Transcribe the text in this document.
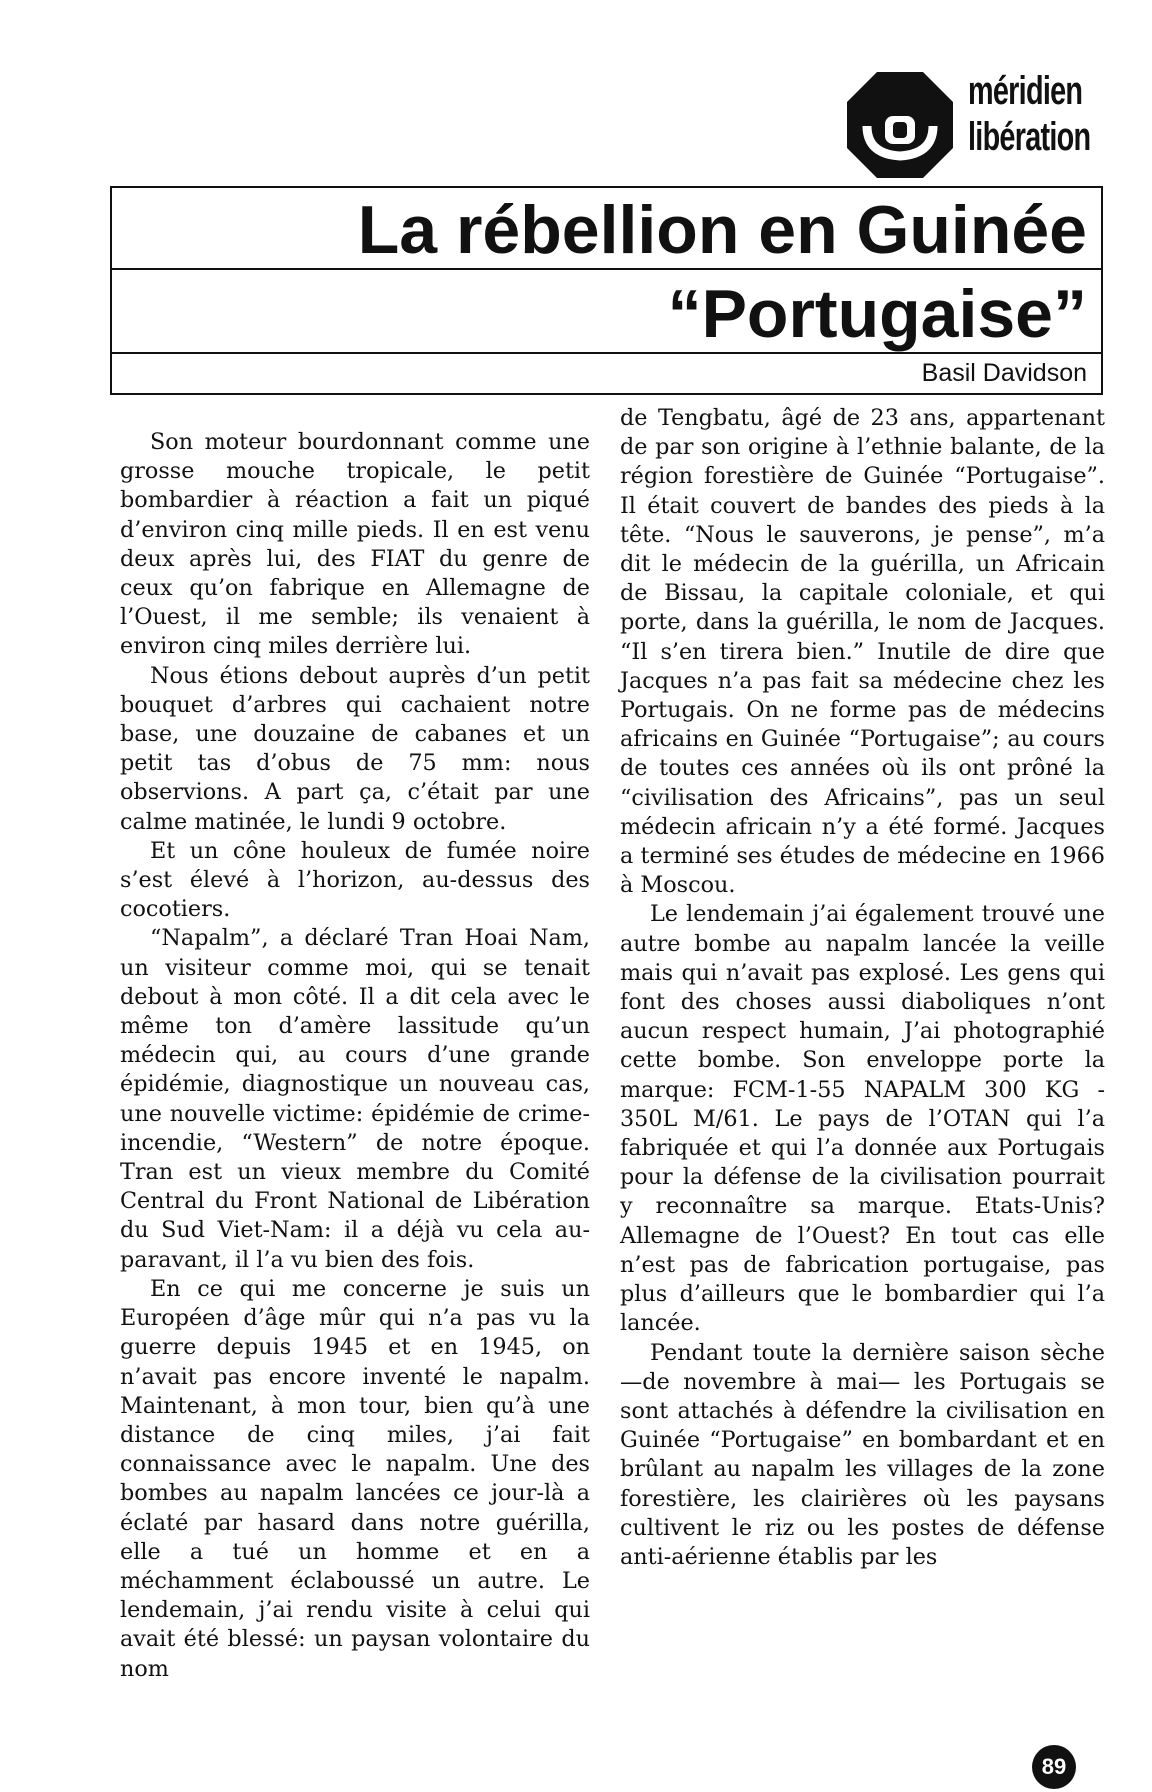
méridien
libération
La rébellion en Guinée
“Portugaise”
Basil Davidson

Son moteur bourdonnant comme une grosse mouche tropicale, le petit bombardier à réaction a fait un piqué d’environ cinq mille pieds. Il en est venu deux après lui, des FIAT du genre de ceux qu’on fabrique en Allemagne de l’Ouest, il me semble; ils venaient à environ cinq miles derrière lui.

Nous étions debout auprès d’un petit bouquet d’arbres qui cachaient notre base, une douzaine de cabanes et un petit tas d’obus de 75 mm: nous observions. A part ça, c’était par une calme matinée, le lundi 9 octobre.

Et un cône houleux de fumée noire s’est élevé à l’horizon, au-dessus des cocotiers.

“Napalm”, a déclaré Tran Hoai Nam, un visiteur comme moi, qui se tenait debout à mon côté. Il a dit cela avec le même ton d’amère lassitude qu’un médecin qui, au cours d’une grande épidémie, diagnostique un nouveau cas, une nouvelle victime: épidémie de crime-incendie, “Western” de notre époque. Tran est un vieux membre du Comité Central du Front National de Libération du Sud Viet-Nam: il a déjà vu cela auparavant, il l’a vu bien des fois.

En ce qui me concerne je suis un Européen d’âge mûr qui n’a pas vu la guerre depuis 1945 et en 1945, on n’avait pas encore inventé le napalm. Maintenant, à mon tour, bien qu’à une distance de cinq miles, j’ai fait connaissance avec le napalm. Une des bombes au napalm lancées ce jour-là a éclaté par hasard dans notre guérilla, elle a tué un homme et en a méchamment éclaboussé un autre. Le lendemain, j’ai rendu visite à celui qui avait été blessé: un paysan volontaire du nom

de Tengbatu, âgé de 23 ans, appartenant de par son origine à l’ethnie balante, de la région forestière de Guinée “Portugaise”. Il était couvert de bandes des pieds à la tête. “Nous le sauverons, je pense”, m’a dit le médecin de la guérilla, un Africain de Bissau, la capitale coloniale, et qui porte, dans la guérilla, le nom de Jacques. “Il s’en tirera bien.” Inutile de dire que Jacques n’a pas fait sa médecine chez les Portugais. On ne forme pas de médecins africains en Guinée “Portugaise”; au cours de toutes ces années où ils ont prôné la “civilisation des Africains”, pas un seul médecin africain n’y a été formé. Jacques a terminé ses études de médecine en 1966 à Moscou.

Le lendemain j’ai également trouvé une autre bombe au napalm lancée la veille mais qui n’avait pas explosé. Les gens qui font des choses aussi diaboliques n’ont aucun respect humain, J’ai photographié cette bombe. Son enveloppe porte la marque: FCM-1-55 NAPALM 300 KG - 350L M/61. Le pays de l’OTAN qui l’a fabriquée et qui l’a donnée aux Portugais pour la défense de la civilisation pourrait y reconnaître sa marque. Etats-Unis? Allemagne de l’Ouest? En tout cas elle n’est pas de fabrication portugaise, pas plus d’ailleurs que le bombardier qui l’a lancée.

Pendant toute la dernière saison sèche —de novembre à mai— les Portugais se sont attachés à défendre la civilisation en Guinée “Portugaise” en bombardant et en brûlant au napalm les villages de la zone forestière, les clairières où les paysans cultivent le riz ou les postes de défense anti-aérienne établis par les

89
